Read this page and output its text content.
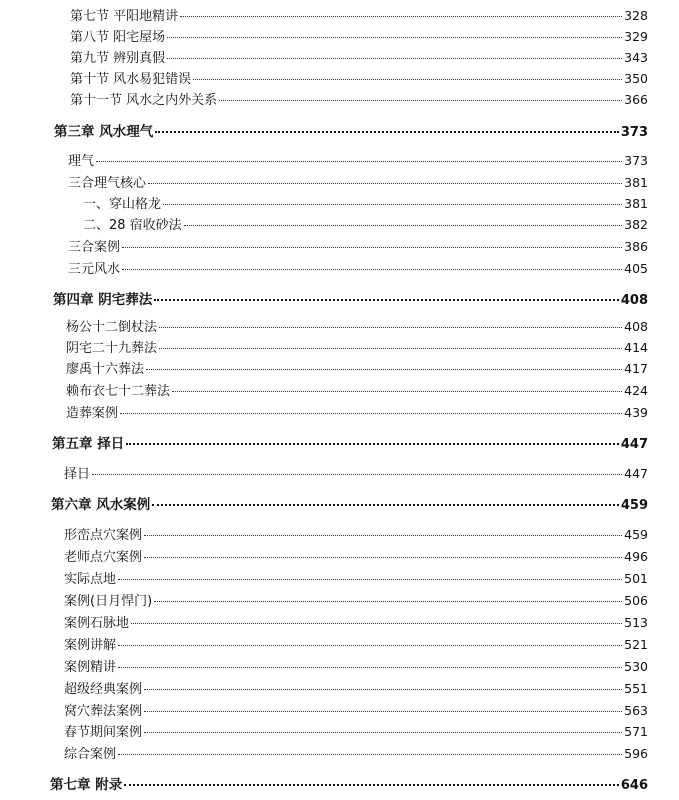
第七节 平阳地精讲	328
第八节 阳宅屋场	329
第九节 辨别真假	343
第十节 风水易犯错误	350
第十一节 风水之内外关系	366
第三章 风水理气	373
理气	373
三合理气核心	381
一、穿山格龙	381
二、28 宿收砂法	382
三合案例	386
三元风水	405
第四章 阴宅葬法	408
杨公十二倒杖法	408
阴宅二十九葬法	414
廖禹十六葬法	417
赖布衣七十二葬法	424
造葬案例	439
第五章 择日	447
择日	447
第六章 风水案例	459
形峦点穴案例	459
老师点穴案例	496
实际点地	501
案例(日月悍门)	506
案例石脉地	513
案例讲解	521
案例精讲	530
超级经典案例	551
窝穴葬法案例	563
春节期间案例	571
综合案例	596
第七章 附录	646
